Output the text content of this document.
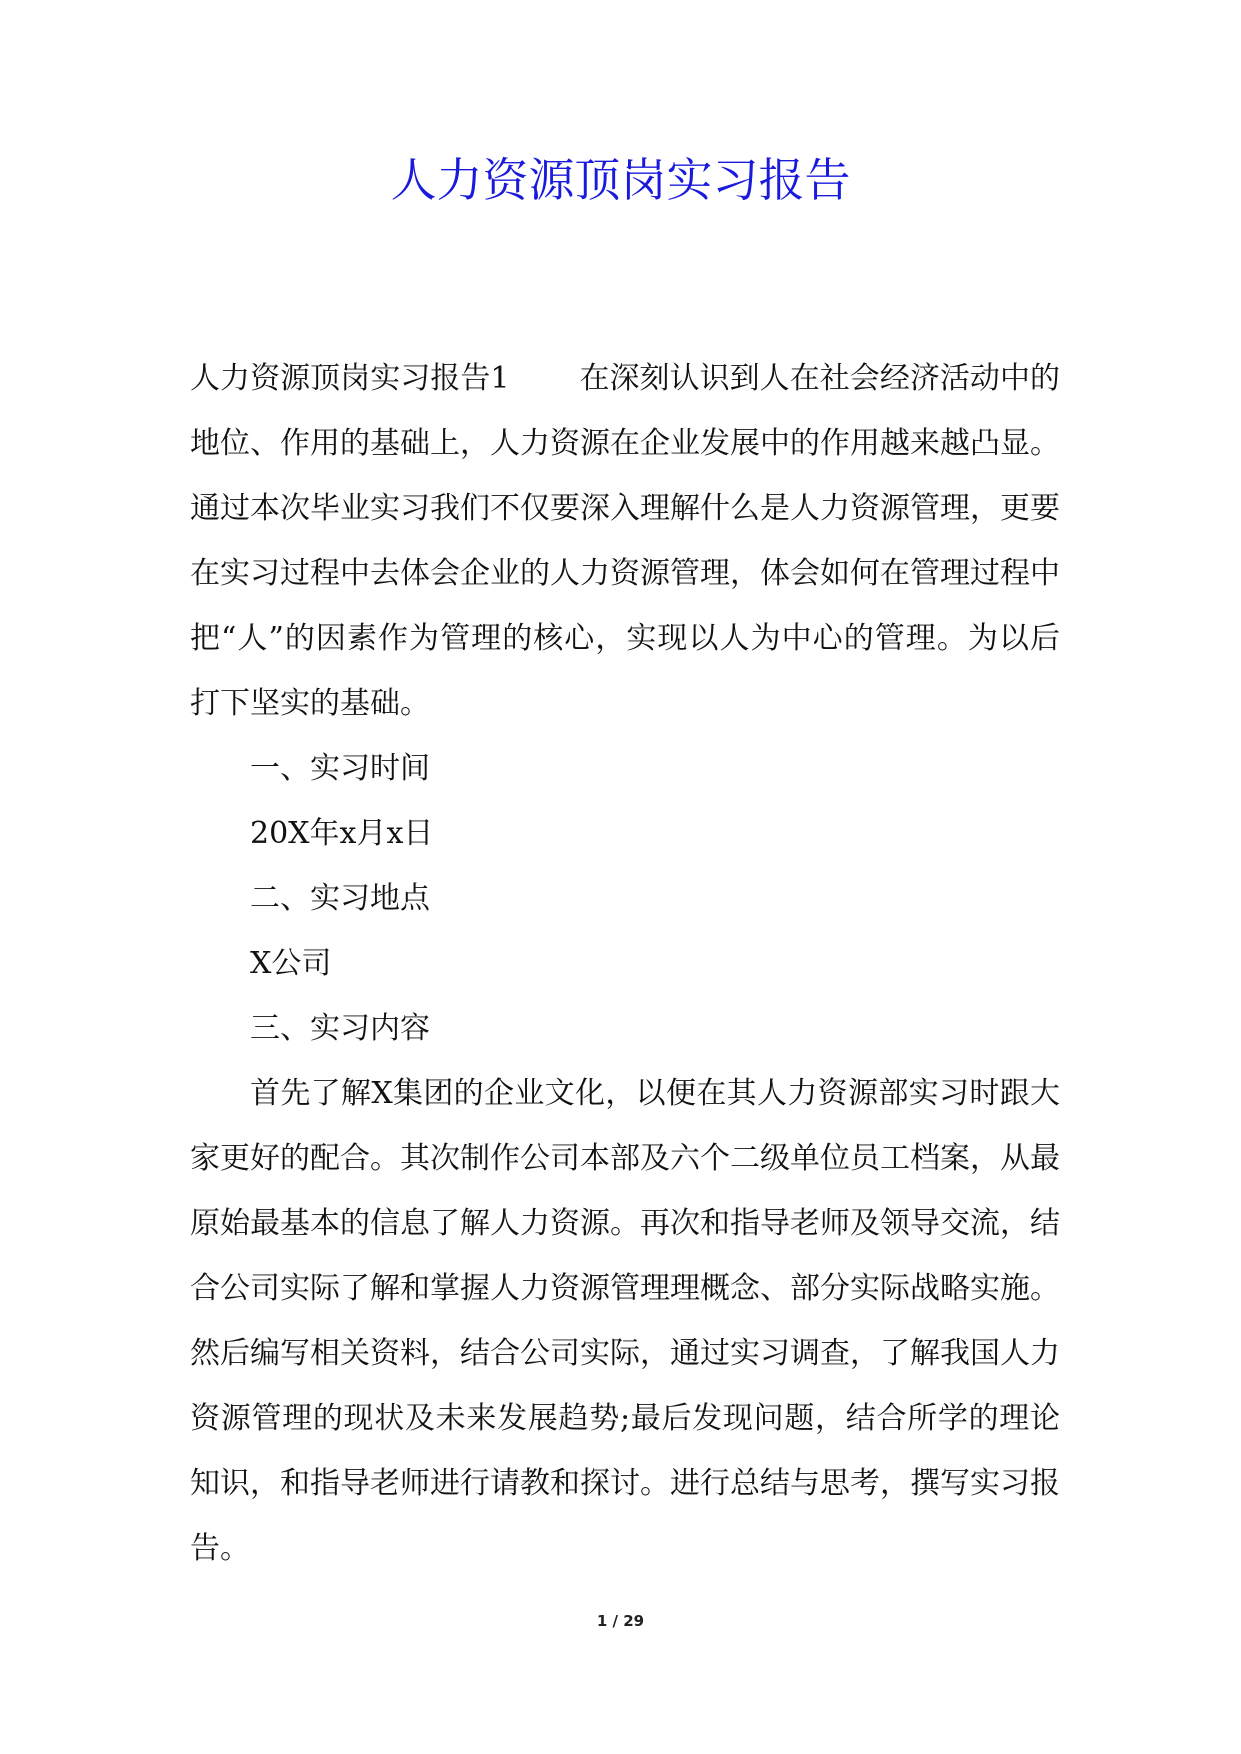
人力资源顶岗实习报告

人力资源顶岗实习报告1 在深刻认识到人在社会经济活动中的地位、作用的基础上，人力资源在企业发展中的作用越来越凸显。通过本次毕业实习我们不仅要深入理解什么是人力资源管理，更要在实习过程中去体会企业的人力资源管理，体会如何在管理过程中把“人”的因素作为管理的核心，实现以人为中心的管理。为以后打下坚实的基础。

一、实习时间

20X年x月x日

二、实习地点

X公司

三、实习内容

首先了解X集团的企业文化，以便在其人力资源部实习时跟大家更好的配合。其次制作公司本部及六个二级单位员工档案，从最原始最基本的信息了解人力资源。再次和指导老师及领导交流，结合公司实际了解和掌握人力资源管理理概念、部分实际战略实施。然后编写相关资料，结合公司实际，通过实习调查，了解我国人力资源管理的现状及未来发展趋势;最后发现问题，结合所学的理论知识，和指导老师进行请教和探讨。进行总结与思考，撰写实习报告。

1 / 29
